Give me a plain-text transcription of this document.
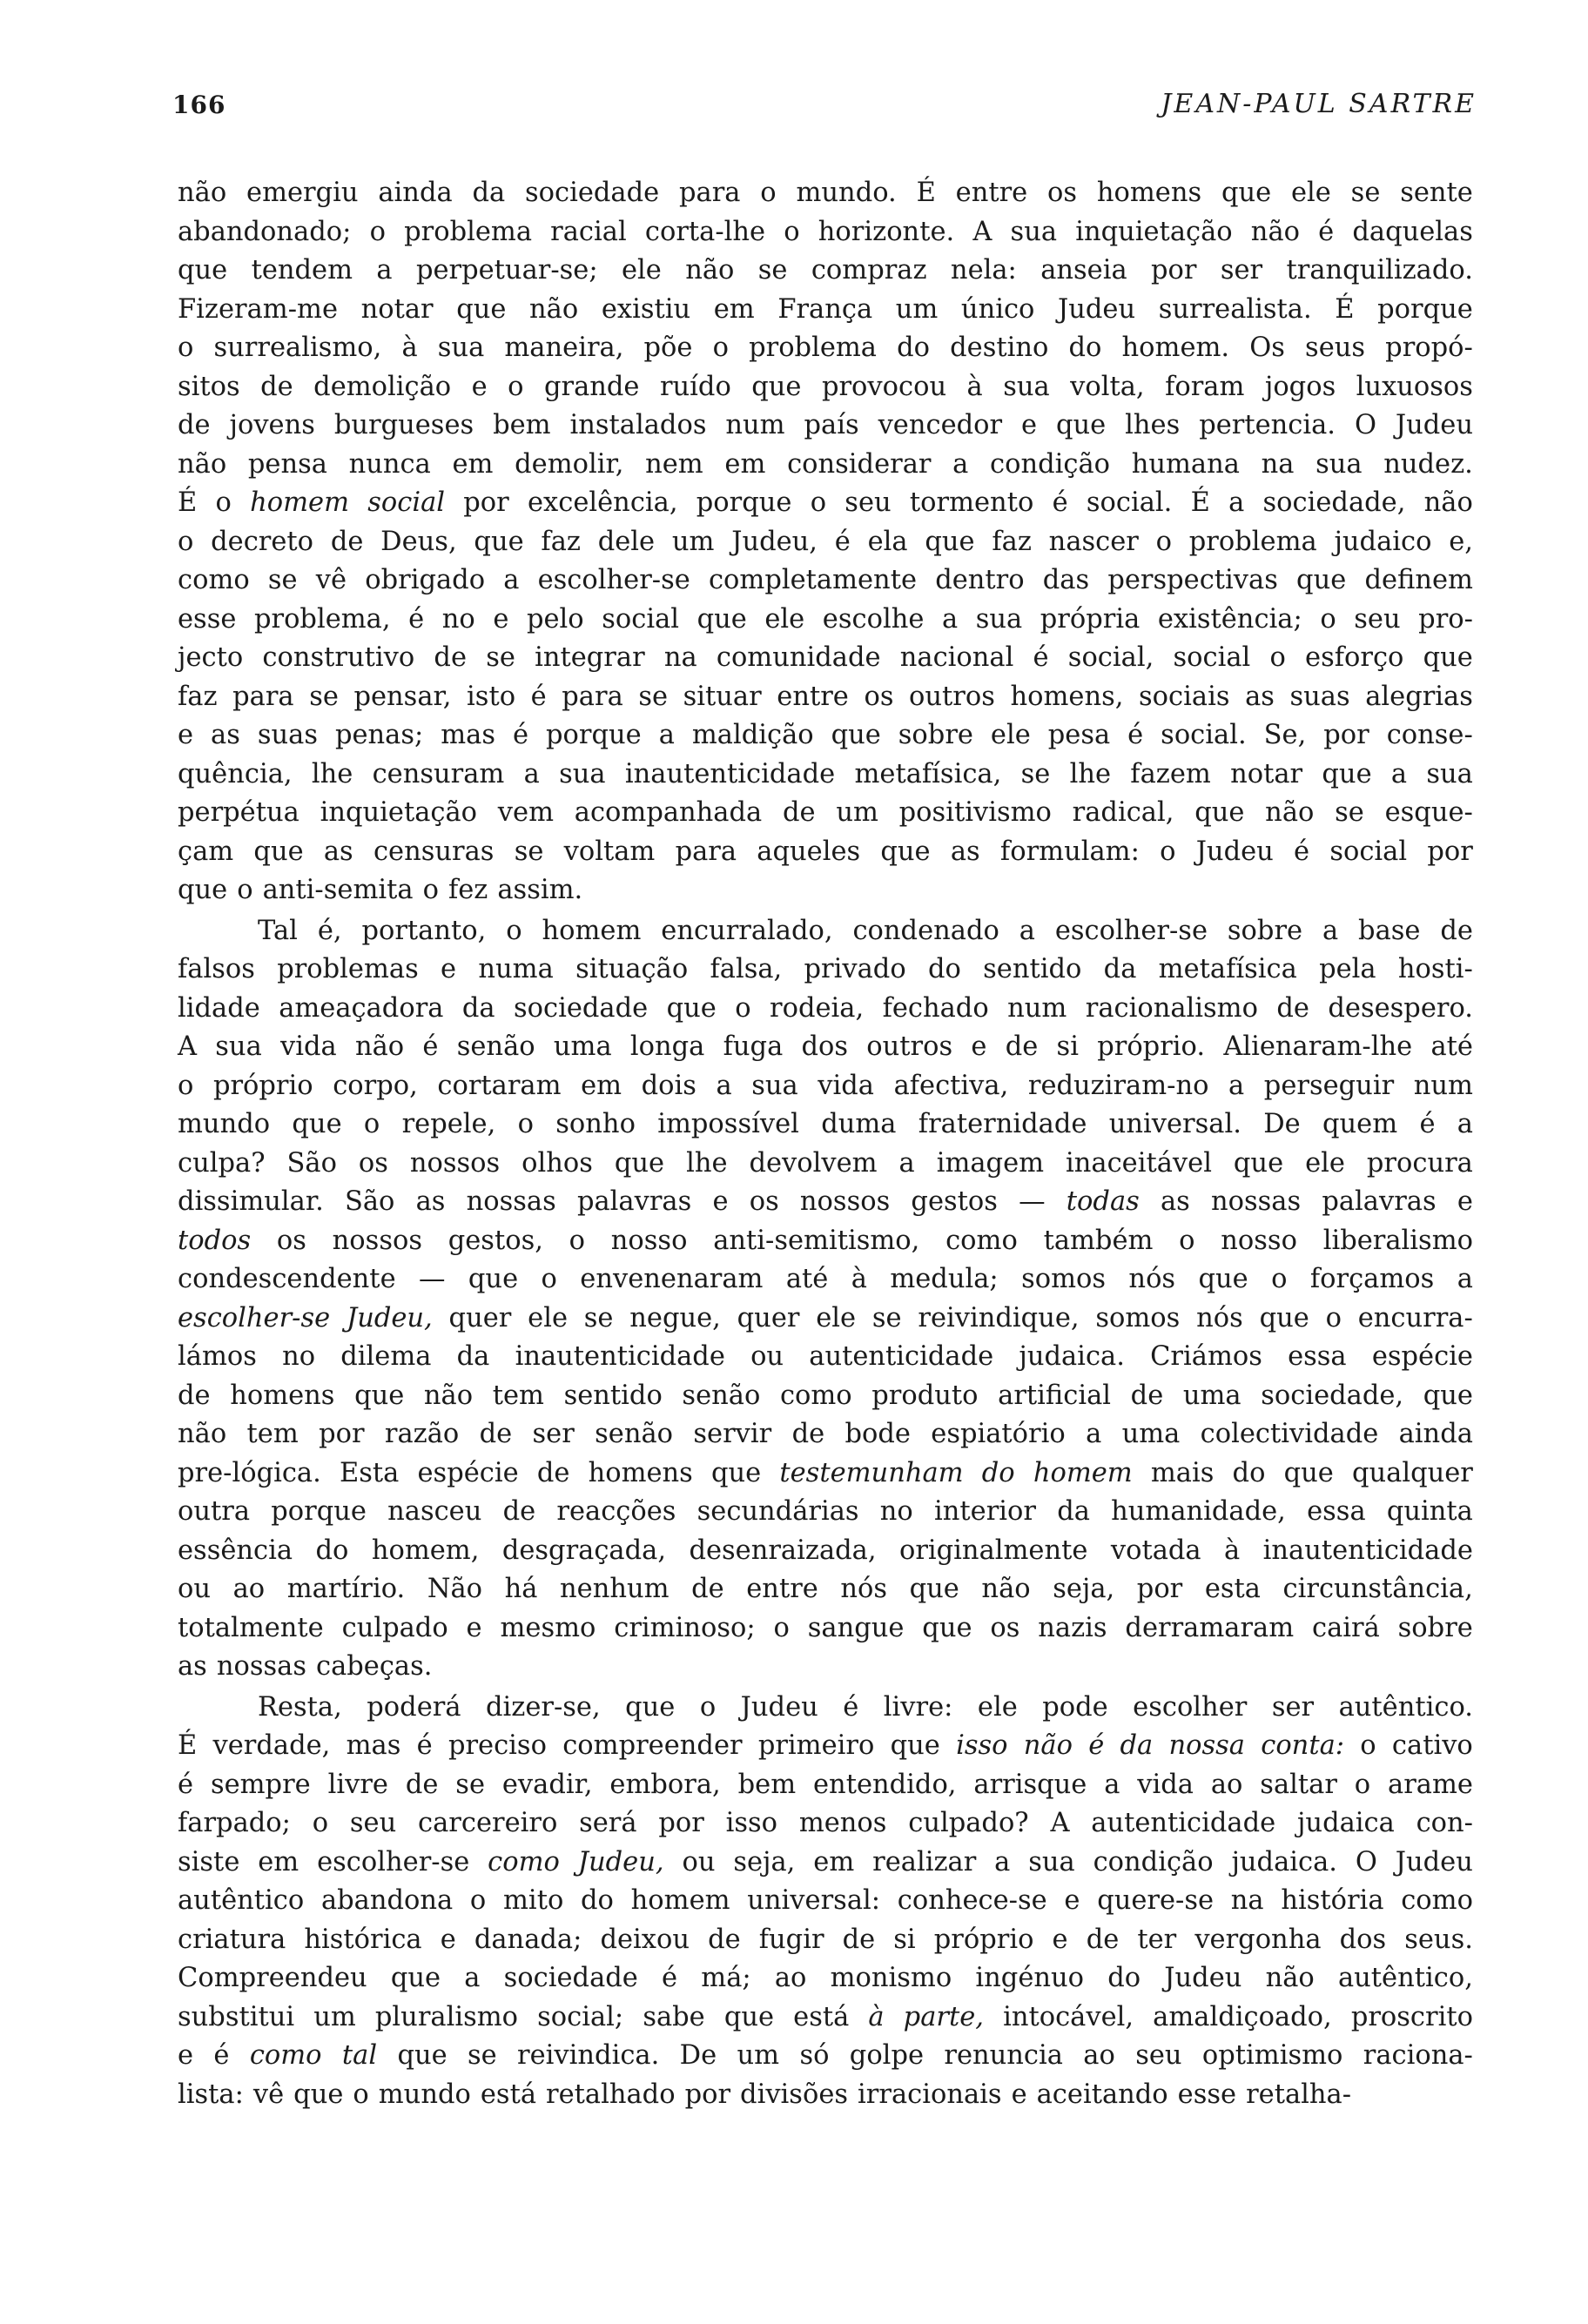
166	JEAN-PAUL SARTRE
não emergiu ainda da sociedade para o mundo. É entre os homens que ele se sente
abandonado; o problema racial corta-lhe o horizonte. A sua inquietação não é daquelas
que tendem a perpetuar-se; ele não se compraz nela: anseia por ser tranquilizado.
Fizeram-me notar que não existiu em França um único Judeu surrealista. É porque
o surrealismo, à sua maneira, põe o problema do destino do homem. Os seus propó-
sitos de demolição e o grande ruído que provocou à sua volta, foram jogos luxuosos
de jovens burgueses bem instalados num país vencedor e que lhes pertencia. O Judeu
não pensa nunca em demolir, nem em considerar a condição humana na sua nudez.
É o homem social por excelência, porque o seu tormento é social. É a sociedade, não
o decreto de Deus, que faz dele um Judeu, é ela que faz nascer o problema judaico e,
como se vê obrigado a escolher-se completamente dentro das perspectivas que definem
esse problema, é no e pelo social que ele escolhe a sua própria existência; o seu pro-
jecto construtivo de se integrar na comunidade nacional é social, social o esforço que
faz para se pensar, isto é para se situar entre os outros homens, sociais as suas alegrias
e as suas penas; mas é porque a maldição que sobre ele pesa é social. Se, por conse-
quência, lhe censuram a sua inautenticidade metafísica, se lhe fazem notar que a sua
perpétua inquietação vem acompanhada de um positivismo radical, que não se esque-
çam que as censuras se voltam para aqueles que as formulam: o Judeu é social por
que o anti-semita o fez assim.
Tal é, portanto, o homem encurralado, condenado a escolher-se sobre a base de
falsos problemas e numa situação falsa, privado do sentido da metafísica pela hosti-
lidade ameaçadora da sociedade que o rodeia, fechado num racionalismo de desespero.
A sua vida não é senão uma longa fuga dos outros e de si próprio. Alienaram-lhe até
o próprio corpo, cortaram em dois a sua vida afectiva, reduziram-no a perseguir num
mundo que o repele, o sonho impossível duma fraternidade universal. De quem é a
culpa? São os nossos olhos que lhe devolvem a imagem inaceitável que ele procura
dissimular. São as nossas palavras e os nossos gestos — todas as nossas palavras e
todos os nossos gestos, o nosso anti-semitismo, como também o nosso liberalismo
condescendente — que o envenenaram até à medula; somos nós que o forçamos a
escolher-se Judeu, quer ele se negue, quer ele se reivindique, somos nós que o encurra-
lámos no dilema da inautenticidade ou autenticidade judaica. Criámos essa espécie
de homens que não tem sentido senão como produto artificial de uma sociedade, que
não tem por razão de ser senão servir de bode espiatório a uma colectividade ainda
pre-lógica. Esta espécie de homens que testemunham do homem mais do que qualquer
outra porque nasceu de reacções secundárias no interior da humanidade, essa quinta
essência do homem, desgraçada, desenraizada, originalmente votada à inautenticidade
ou ao martírio. Não há nenhum de entre nós que não seja, por esta circunstância,
totalmente culpado e mesmo criminoso; o sangue que os nazis derramaram cairá sobre
as nossas cabeças.
Resta, poderá dizer-se, que o Judeu é livre: ele pode escolher ser autêntico.
É verdade, mas é preciso compreender primeiro que isso não é da nossa conta: o cativo
é sempre livre de se evadir, embora, bem entendido, arrisque a vida ao saltar o arame
farpado; o seu carcereiro será por isso menos culpado? A autenticidade judaica con-
siste em escolher-se como Judeu, ou seja, em realizar a sua condição judaica. O Judeu
autêntico abandona o mito do homem universal: conhece-se e quere-se na história como
criatura histórica e danada; deixou de fugir de si próprio e de ter vergonha dos seus.
Compreendeu que a sociedade é má; ao monismo ingénuo do Judeu não autêntico,
substitui um pluralismo social; sabe que está à parte, intocável, amaldiçoado, proscrito
e é como tal que se reivindica. De um só golpe renuncia ao seu optimismo raciona-
lista: vê que o mundo está retalhado por divisões irracionais e aceitando esse retalha-
